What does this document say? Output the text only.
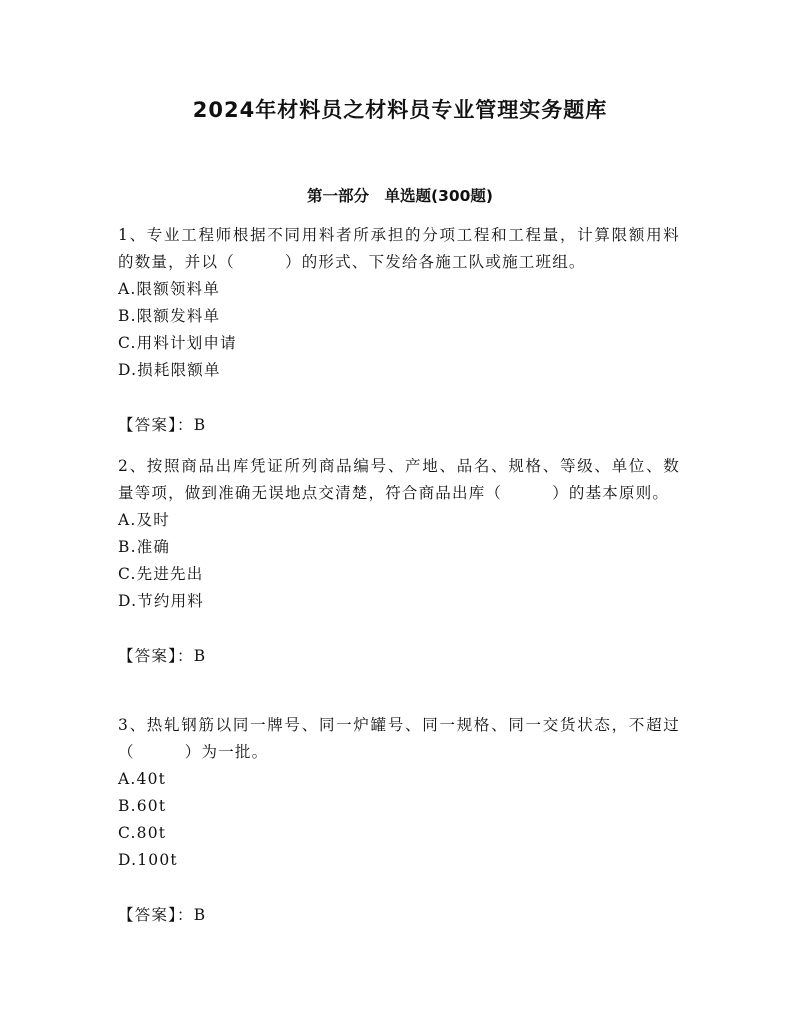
2024年材料员之材料员专业管理实务题库
第一部分　单选题(300题)

1、专业工程师根据不同用料者所承担的分项工程和工程量，计算限额用料的数量，并以（　　　）的形式、下发给各施工队或施工班组。

A.限额领料单

B.限额发料单

C.用料计划申请

D.损耗限额单

【答案】：B

2、按照商品出库凭证所列商品编号、产地、品名、规格、等级、单位、数量等项，做到准确无误地点交清楚，符合商品出库（　　　）的基本原则。

A.及时

B.准确

C.先进先出

D.节约用料

【答案】：B

3、热轧钢筋以同一牌号、同一炉罐号、同一规格、同一交货状态，不超过（　　　）为一批。

A.40t

B.60t

C.80t

D.100t

【答案】：B
